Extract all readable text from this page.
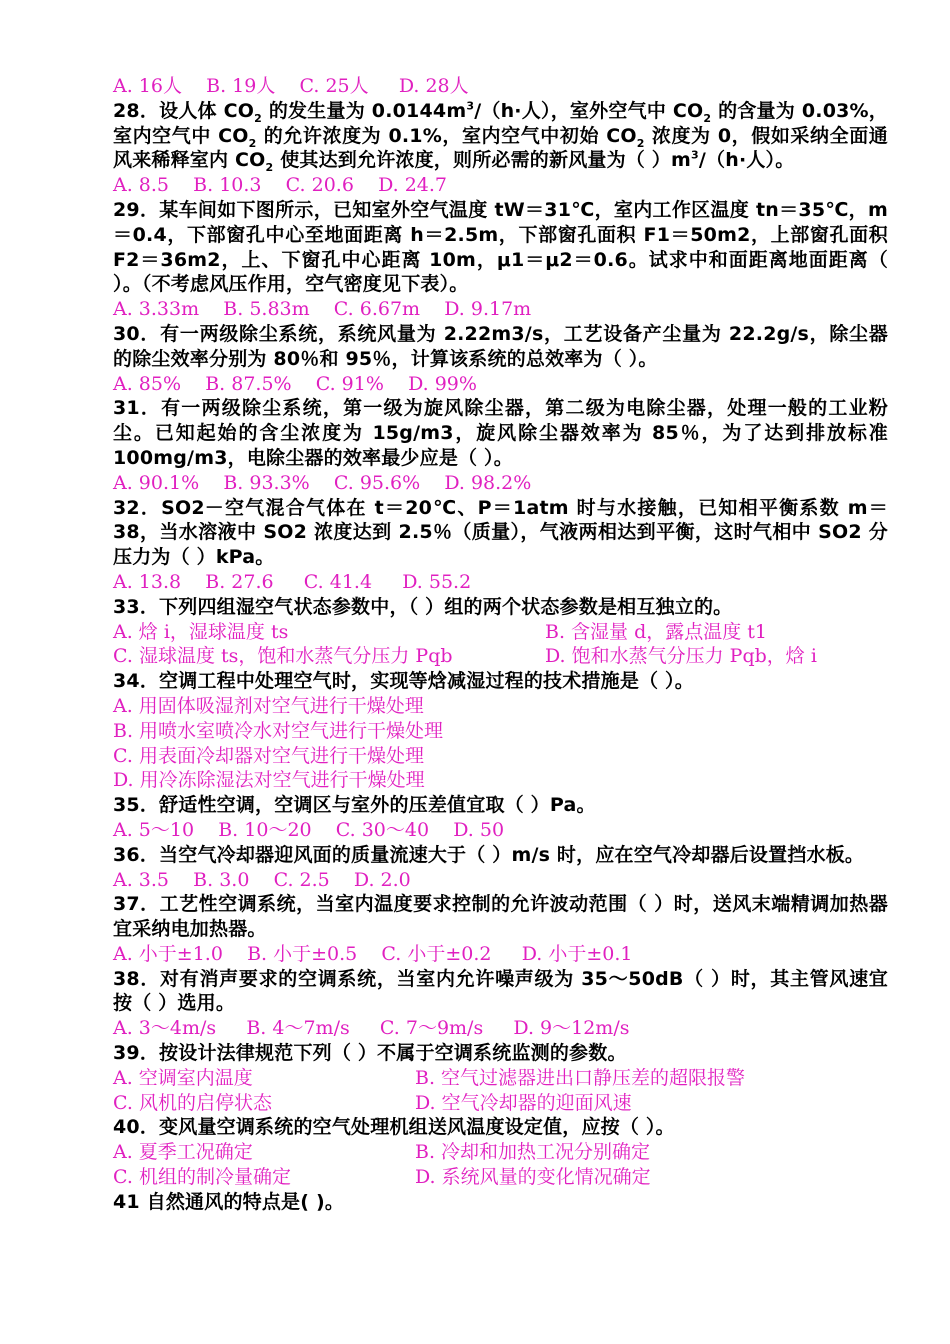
A. 16人    B. 19人    C. 25人     D. 28人
28．设人体 $CO_2$ 的发生量为 $0.0144m^3/(h\cdot$人），室外空气中 $CO_2$ 的含量为 0.03%，室内空气中 $CO_2$ 的允许浓度为 0.1%，室内空气中初始 $CO_2$ 浓度为 0，假如采纳全面通风来稀释室内 $CO_2$ 使其达到允许浓度，则所必需的新风量为（ ）$m^3/(h\cdot$人）。
A. 8.5    B. 10.3    C. 20.6    D. 24.7
29．某车间如下图所示，已知室外空气温度 tW＝31℃，室内工作区温度 tn＝35℃，m＝0.4，下部窗孔中心至地面距离 h＝2.5m，下部窗孔面积 F1＝50m2，上部窗孔面积 F2＝36m2，上、下窗孔中心距离 10m，μ1＝μ2＝0.6。试求中和面距离地面距离（ ）。（不考虑风压作用，空气密度见下表）。
A. 3.33m    B. 5.83m    C. 6.67m    D. 9.17m
30．有一两级除尘系统，系统风量为 2.22m3/s，工艺设备产尘量为 22.2g/s，除尘器的除尘效率分别为 80％和 95％，计算该系统的总效率为（ ）。
A. 85%    B. 87.5%    C. 91%    D. 99%
31．有一两级除尘系统，第一级为旋风除尘器，第二级为电除尘器，处理一般的工业粉尘。已知起始的含尘浓度为 15g/m3，旋风除尘器效率为 85％，为了达到排放标准 100mg/m3，电除尘器的效率最少应是（ ）。
A. 90.1%    B. 93.3%    C. 95.6%    D. 98.2%
32．SO2－空气混合气体在 t＝20℃、P＝1atm 时与水接触，已知相平衡系数 m＝38，当水溶液中 SO2 浓度达到 2.5％（质量），气液两相达到平衡，这时气相中 SO2 分压力为（ ）kPa。
A. 13.8    B. 27.6     C. 41.4     D. 55.2
33．下列四组湿空气状态参数中，（ ）组的两个状态参数是相互独立的。
A. 焓 i，湿球温度 ts	B. 含湿量 d，露点温度 t1
C. 湿球温度 ts，饱和水蒸气分压力 Pqb	D. 饱和水蒸气分压力 Pqb，焓 i
34．空调工程中处理空气时，实现等焓减湿过程的技术措施是（ ）。
A. 用固体吸湿剂对空气进行干燥处理
B. 用喷水室喷冷水对空气进行干燥处理
C. 用表面冷却器对空气进行干燥处理
D. 用冷冻除湿法对空气进行干燥处理
35．舒适性空调，空调区与室外的压差值宜取（ ）Pa。
A. 5～10    B. 10～20    C. 30～40    D. 50
36．当空气冷却器迎风面的质量流速大于（ ）m/s 时，应在空气冷却器后设置挡水板。
A. 3.5    B. 3.0    C. 2.5    D. 2.0
37．工艺性空调系统，当室内温度要求控制的允许波动范围（ ）时，送风末端精调加热器宜采纳电加热器。
A. 小于±1.0    B. 小于±0.5    C. 小于±0.2     D. 小于±0.1
38．对有消声要求的空调系统，当室内允许噪声级为 35～50dB（ ）时，其主管风速宜按（ ）选用。
A. 3～4m/s     B. 4～7m/s     C. 7～9m/s     D. 9～12m/s
39．按设计法律规范下列（ ）不属于空调系统监测的参数。
A. 空调室内温度	B. 空气过滤器进出口静压差的超限报警
C. 风机的启停状态	D. 空气冷却器的迎面风速
40．变风量空调系统的空气处理机组送风温度设定值，应按（ ）。
A. 夏季工况确定	B. 冷却和加热工况分别确定
C. 机组的制冷量确定	D. 系统风量的变化情况确定
41 自然通风的特点是( )。
